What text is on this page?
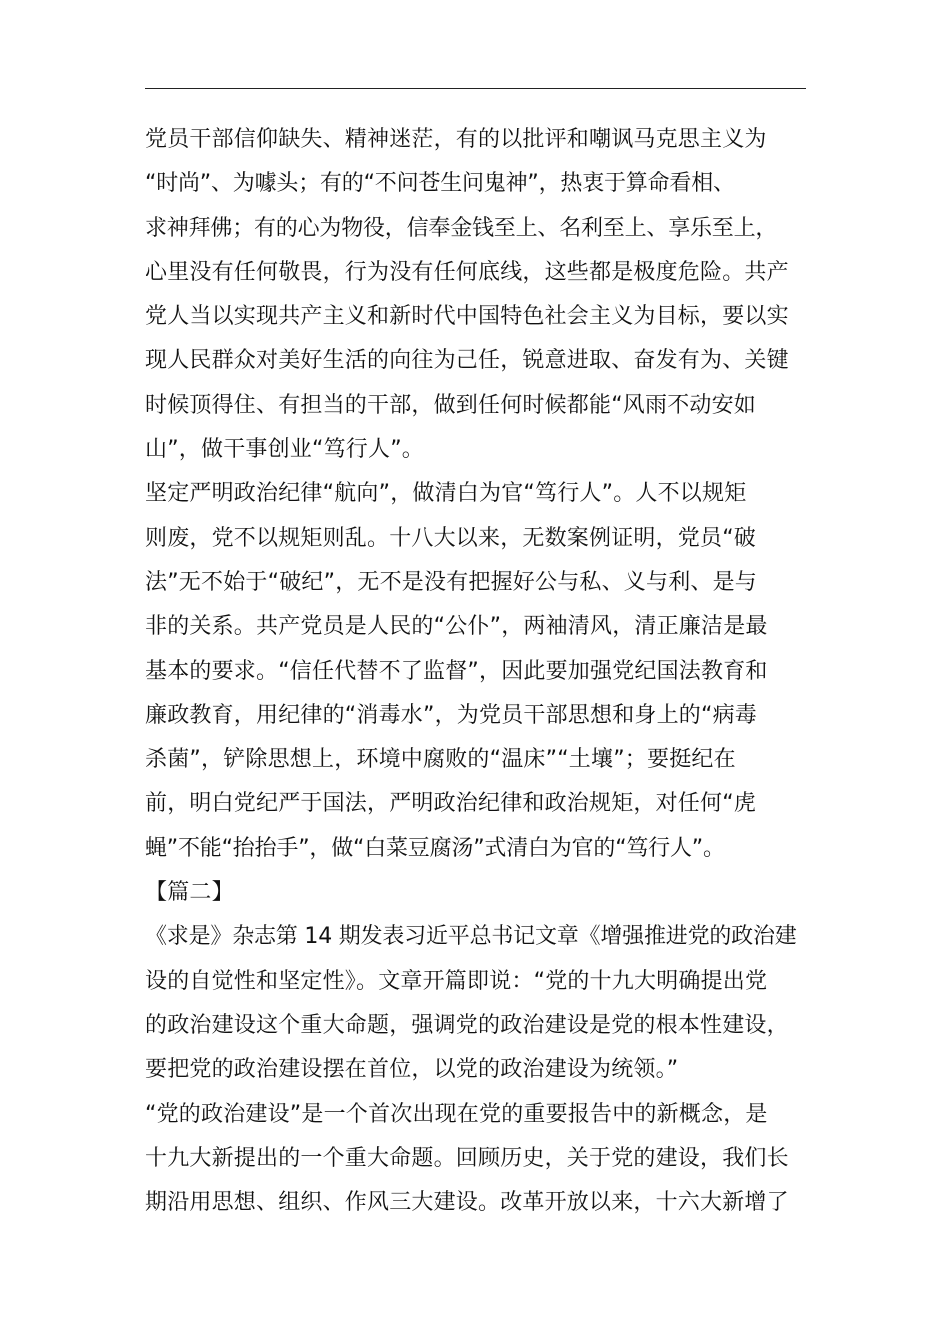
党员干部信仰缺失、精神迷茫，有的以批评和嘲讽马克思主义为
“时尚”、为噱头；有的“不问苍生问鬼神”，热衷于算命看相、
求神拜佛；有的心为物役，信奉金钱至上、名利至上、享乐至上，
心里没有任何敬畏，行为没有任何底线，这些都是极度危险。共产
党人当以实现共产主义和新时代中国特色社会主义为目标，要以实
现人民群众对美好生活的向往为己任，锐意进取、奋发有为、关键
时候顶得住、有担当的干部，做到任何时候都能“风雨不动安如
山”，做干事创业“笃行人”。
坚定严明政治纪律“航向”，做清白为官“笃行人”。人不以规矩
则废，党不以规矩则乱。十八大以来，无数案例证明，党员“破
法”无不始于“破纪”，无不是没有把握好公与私、义与利、是与
非的关系。共产党员是人民的“公仆”，两袖清风，清正廉洁是最
基本的要求。“信任代替不了监督”，因此要加强党纪国法教育和
廉政教育，用纪律的“消毒水”，为党员干部思想和身上的“病毒
杀菌”，铲除思想上，环境中腐败的“温床”“土壤”；要挺纪在
前，明白党纪严于国法，严明政治纪律和政治规矩，对任何“虎
蝇”不能“抬抬手”，做“白菜豆腐汤”式清白为官的“笃行人”。
【篇二】
《求是》杂志第 14 期发表习近平总书记文章《增强推进党的政治建
设的自觉性和坚定性》。文章开篇即说：“党的十九大明确提出党
的政治建设这个重大命题，强调党的政治建设是党的根本性建设，
要把党的政治建设摆在首位，以党的政治建设为统领。”
“党的政治建设”是一个首次出现在党的重要报告中的新概念，是
十九大新提出的一个重大命题。回顾历史，关于党的建设，我们长
期沿用思想、组织、作风三大建设。改革开放以来，十六大新增了
